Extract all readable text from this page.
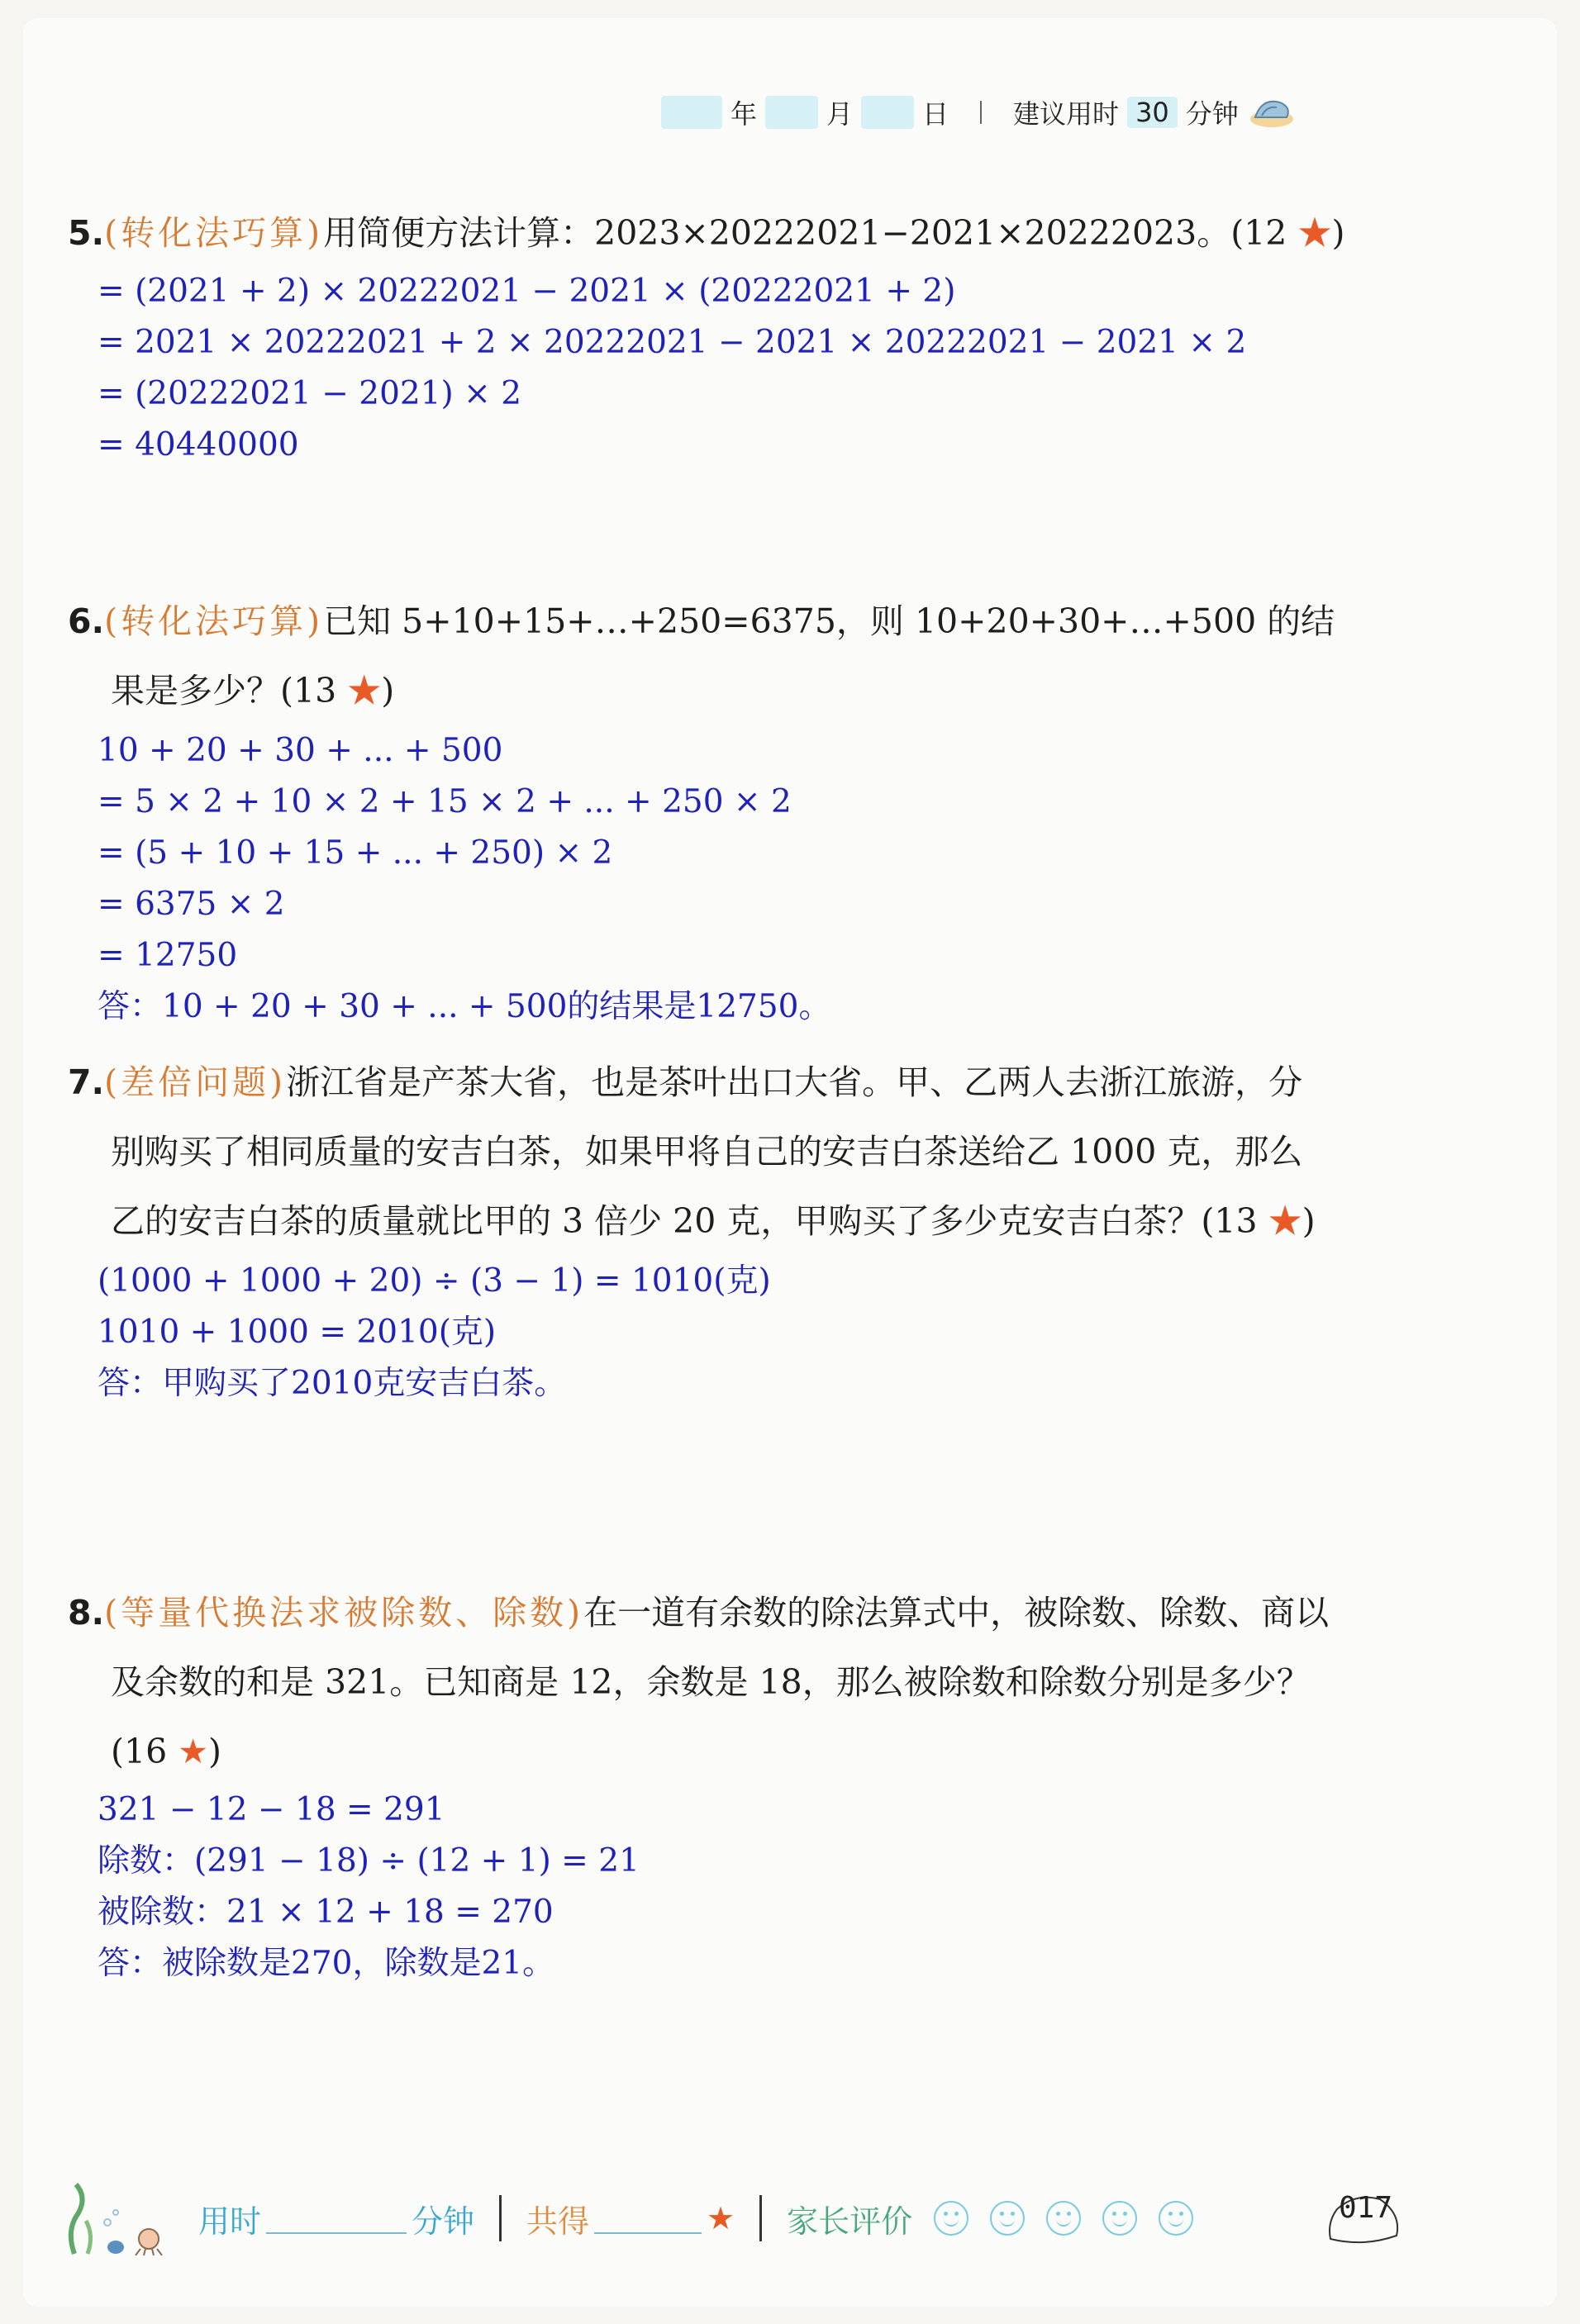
年	月	日 建议用时 30 分钟
5.(转化法巧算)用简便方法计算：2023×20222021−2021×20222023。(12 ★)
= (2021 + 2) × 20222021 − 2021 × (20222021 + 2)
= 2021 × 20222021 + 2 × 20222021 − 2021 × 20222021 − 2021 × 2
= (20222021 − 2021) × 2
= 40440000
6.(转化法巧算)已知 5+10+15+…+250=6375，则 10+20+30+…+500 的结
果是多少？(13 ★)
10 + 20 + 30 + ... + 500
= 5 × 2 + 10 × 2 + 15 × 2 + ... + 250 × 2
= (5 + 10 + 15 + ... + 250) × 2
= 6375 × 2
= 12750
答：10 + 20 + 30 + ... + 500的结果是12750。
7.(差倍问题)浙江省是产茶大省，也是茶叶出口大省。甲、乙两人去浙江旅游，分
别购买了相同质量的安吉白茶，如果甲将自己的安吉白茶送给乙 1000 克，那么
乙的安吉白茶的质量就比甲的 3 倍少 20 克，甲购买了多少克安吉白茶？(13 ★)
(1000 + 1000 + 20) ÷ (3 − 1) = 1010(克)
1010 + 1000 = 2010(克)
答：甲购买了2010克安吉白茶。
8.(等量代换法求被除数、除数)在一道有余数的除法算式中，被除数、除数、商以
及余数的和是 321。已知商是 12，余数是 18，那么被除数和除数分别是多少？
(16 ★)
321 − 12 − 18 = 291
除数：(291 − 18) ÷ (12 + 1) = 21
被除数：21 × 12 + 18 = 270
答：被除数是270，除数是21。
用时	分钟 共得	★ 家长评价	017
